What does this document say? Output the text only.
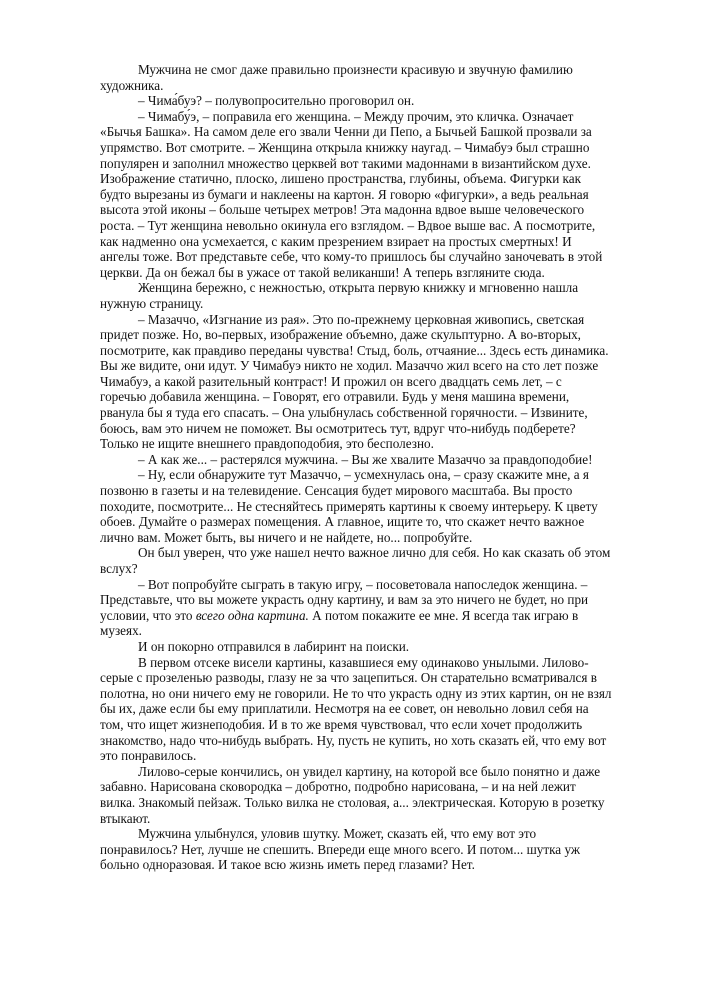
Мужчина не смог даже правильно произнести красивую и звучную фамилию
художника.

– Чима́буэ? – полувопросительно проговорил он.

– Чимабу́э, – поправила его женщина. – Между прочим, это кличка. Означает
«Бычья Башка». На самом деле его звали Ченни ди Пепо, а Бычьей Башкой прозвали за
упрямство. Вот смотрите. – Женщина открыла книжку наугад. – Чимабуэ был страшно
популярен и заполнил множество церквей вот такими мадоннами в византийском духе.
Изображение статично, плоско, лишено пространства, глубины, объема. Фигурки как
будто вырезаны из бумаги и наклеены на картон. Я говорю «фигурки», а ведь реальная
высота этой иконы – больше четырех метров! Эта мадонна вдвое выше человеческого
роста. – Тут женщина невольно окинула его взглядом. – Вдвое выше вас. А посмотрите,
как надменно она усмехается, с каким презрением взирает на простых смертных! И
ангелы тоже. Вот представьте себе, что кому-то пришлось бы случайно заночевать в этой
церкви. Да он бежал бы в ужасе от такой великанши! А теперь взгляните сюда.

Женщина бережно, с нежностью, открыта первую книжку и мгновенно нашла
нужную страницу.

– Мазаччо, «Изгнание из рая». Это по-прежнему церковная живопись, светская
придет позже. Но, во-первых, изображение объемно, даже скульптурно. А во-вторых,
посмотрите, как правдиво переданы чувства! Стыд, боль, отчаяние... Здесь есть динамика.
Вы же видите, они идут. У Чимабуэ никто не ходил. Мазаччо жил всего на сто лет позже
Чимабуэ, а какой разительный контраст! И прожил он всего двадцать семь лет, – с
горечью добавила женщина. – Говорят, его отравили. Будь у меня машина времени,
рванула бы я туда его спасать. – Она улыбнулась собственной горячности. – Извините,
боюсь, вам это ничем не поможет. Вы осмотритесь тут, вдруг что-нибудь подберете?
Только не ищите внешнего правдоподобия, это бесполезно.

– А как же... – растерялся мужчина. – Вы же хвалите Мазаччо за правдоподобие!

– Ну, если обнаружите тут Мазаччо, – усмехнулась она, – сразу скажите мне, а я
позвоню в газеты и на телевидение. Сенсация будет мирового масштаба. Вы просто
походите, посмотрите... Не стесняйтесь примерять картины к своему интерьеру. К цвету
обоев. Думайте о размерах помещения. А главное, ищите то, что скажет нечто важное
лично вам. Может быть, вы ничего и не найдете, но... попробуйте.

Он был уверен, что уже нашел нечто важное лично для себя. Но как сказать об этом
вслух?

– Вот попробуйте сыграть в такую игру, – посоветовала напоследок женщина. –
Представьте, что вы можете украсть одну картину, и вам за это ничего не будет, но при
условии, что это всего одна картина. А потом покажите ее мне. Я всегда так играю в
музеях.

И он покорно отправился в лабиринт на поиски.

В первом отсеке висели картины, казавшиеся ему одинаково унылыми. Лилово-
серые с прозеленью разводы, глазу не за что зацепиться. Он старательно всматривался в
полотна, но они ничего ему не говорили. Не то что украсть одну из этих картин, он не взял
бы их, даже если бы ему приплатили. Несмотря на ее совет, он невольно ловил себя на
том, что ищет жизнеподобия. И в то же время чувствовал, что если хочет продолжить
знакомство, надо что-нибудь выбрать. Ну, пусть не купить, но хоть сказать ей, что ему вот
это понравилось.

Лилово-серые кончились, он увидел картину, на которой все было понятно и даже
забавно. Нарисована сковородка – добротно, подробно нарисована, – и на ней лежит
вилка. Знакомый пейзаж. Только вилка не столовая, а... электрическая. Которую в розетку
втыкают.

Мужчина улыбнулся, уловив шутку. Может, сказать ей, что ему вот это
понравилось? Нет, лучше не спешить. Впереди еще много всего. И потом... шутка уж
больно одноразовая. И такое всю жизнь иметь перед глазами? Нет.
